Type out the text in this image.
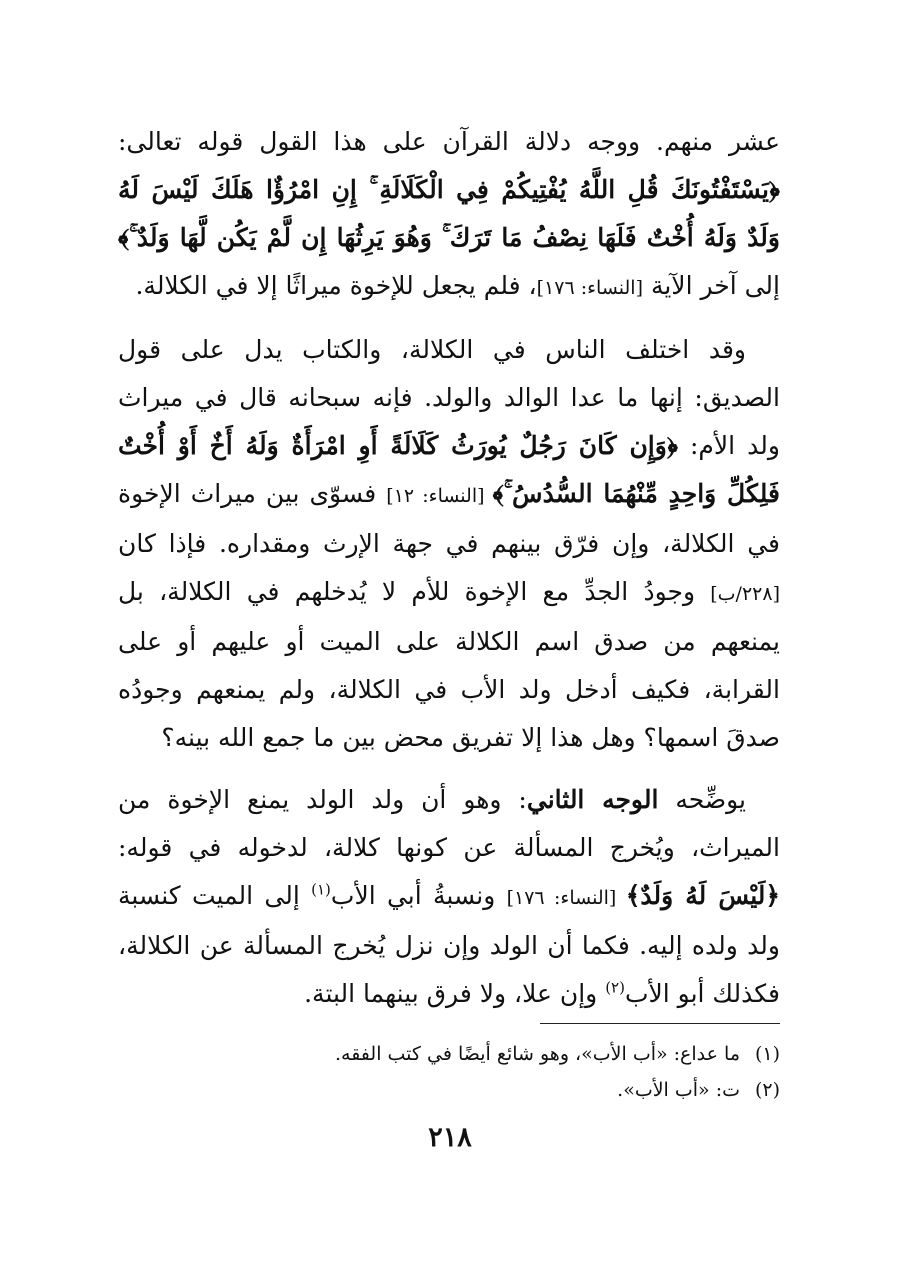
عشر منهم. ووجه دلالة القرآن على هذا القول قوله تعالى: ﴿يَسْتَفْتُونَكَ قُلِ اللَّهُ يُفْتِيكُمْ فِي الْكَلَالَةِ ۚ إِنِ امْرُؤٌا هَلَكَ لَيْسَ لَهُ وَلَدٌ وَلَهُ أُخْتٌ فَلَهَا نِصْفُ مَا تَرَكَ ۚ وَهُوَ يَرِثُهَا إِن لَّمْ يَكُن لَّهَا وَلَدٌ ۚ﴾ إلى آخر الآية [النساء: ١٧٦]، فلم يجعل للإخوة ميراثًا إلا في الكلالة.

وقد اختلف الناس في الكلالة، والكتاب يدل على قول الصديق: إنها ما عدا الوالد والولد. فإنه سبحانه قال في ميراث ولد الأم: ﴿وَإِن كَانَ رَجُلٌ يُورَثُ كَلَالَةً أَوِ امْرَأَةٌ وَلَهُ أَخٌ أَوْ أُخْتٌ فَلِكُلِّ وَاحِدٍ مِّنْهُمَا السُّدُسُ ۚ﴾ [النساء: ١٢] فسوّى بين ميراث الإخوة في الكلالة، وإن فرّق بينهم في جهة الإرث ومقداره. فإذا كان [٢٢٨/ب] وجودُ الجدِّ مع الإخوة للأم لا يُدخلهم في الكلالة، بل يمنعهم من صدق اسم الكلالة على الميت أو عليهم أو على القرابة، فكيف أدخل ولد الأب في الكلالة، ولم يمنعهم وجودُه صدقَ اسمها؟ وهل هذا إلا تفريق محض بين ما جمع الله بينه؟

يوضِّحه الوجه الثاني: وهو أن ولد الولد يمنع الإخوة من الميراث، ويُخرج المسألة عن كونها كلالة، لدخوله في قوله: ﴿لَيْسَ لَهُ وَلَدٌ﴾ [النساء: ١٧٦] ونسبةُ أبي الأب$^{(١)}$ إلى الميت كنسبة ولد ولده إليه. فكما أن الولد وإن نزل يُخرج المسألة عن الكلالة، فكذلك أبو الأب$^{(٢)}$ وإن علا، ولا فرق بينهما البتة.

(١)ما عداع: «أب الأب»، وهو شائع أيضًا في كتب الفقه.
(٢)ت: «أب الأب».
٢١٨
